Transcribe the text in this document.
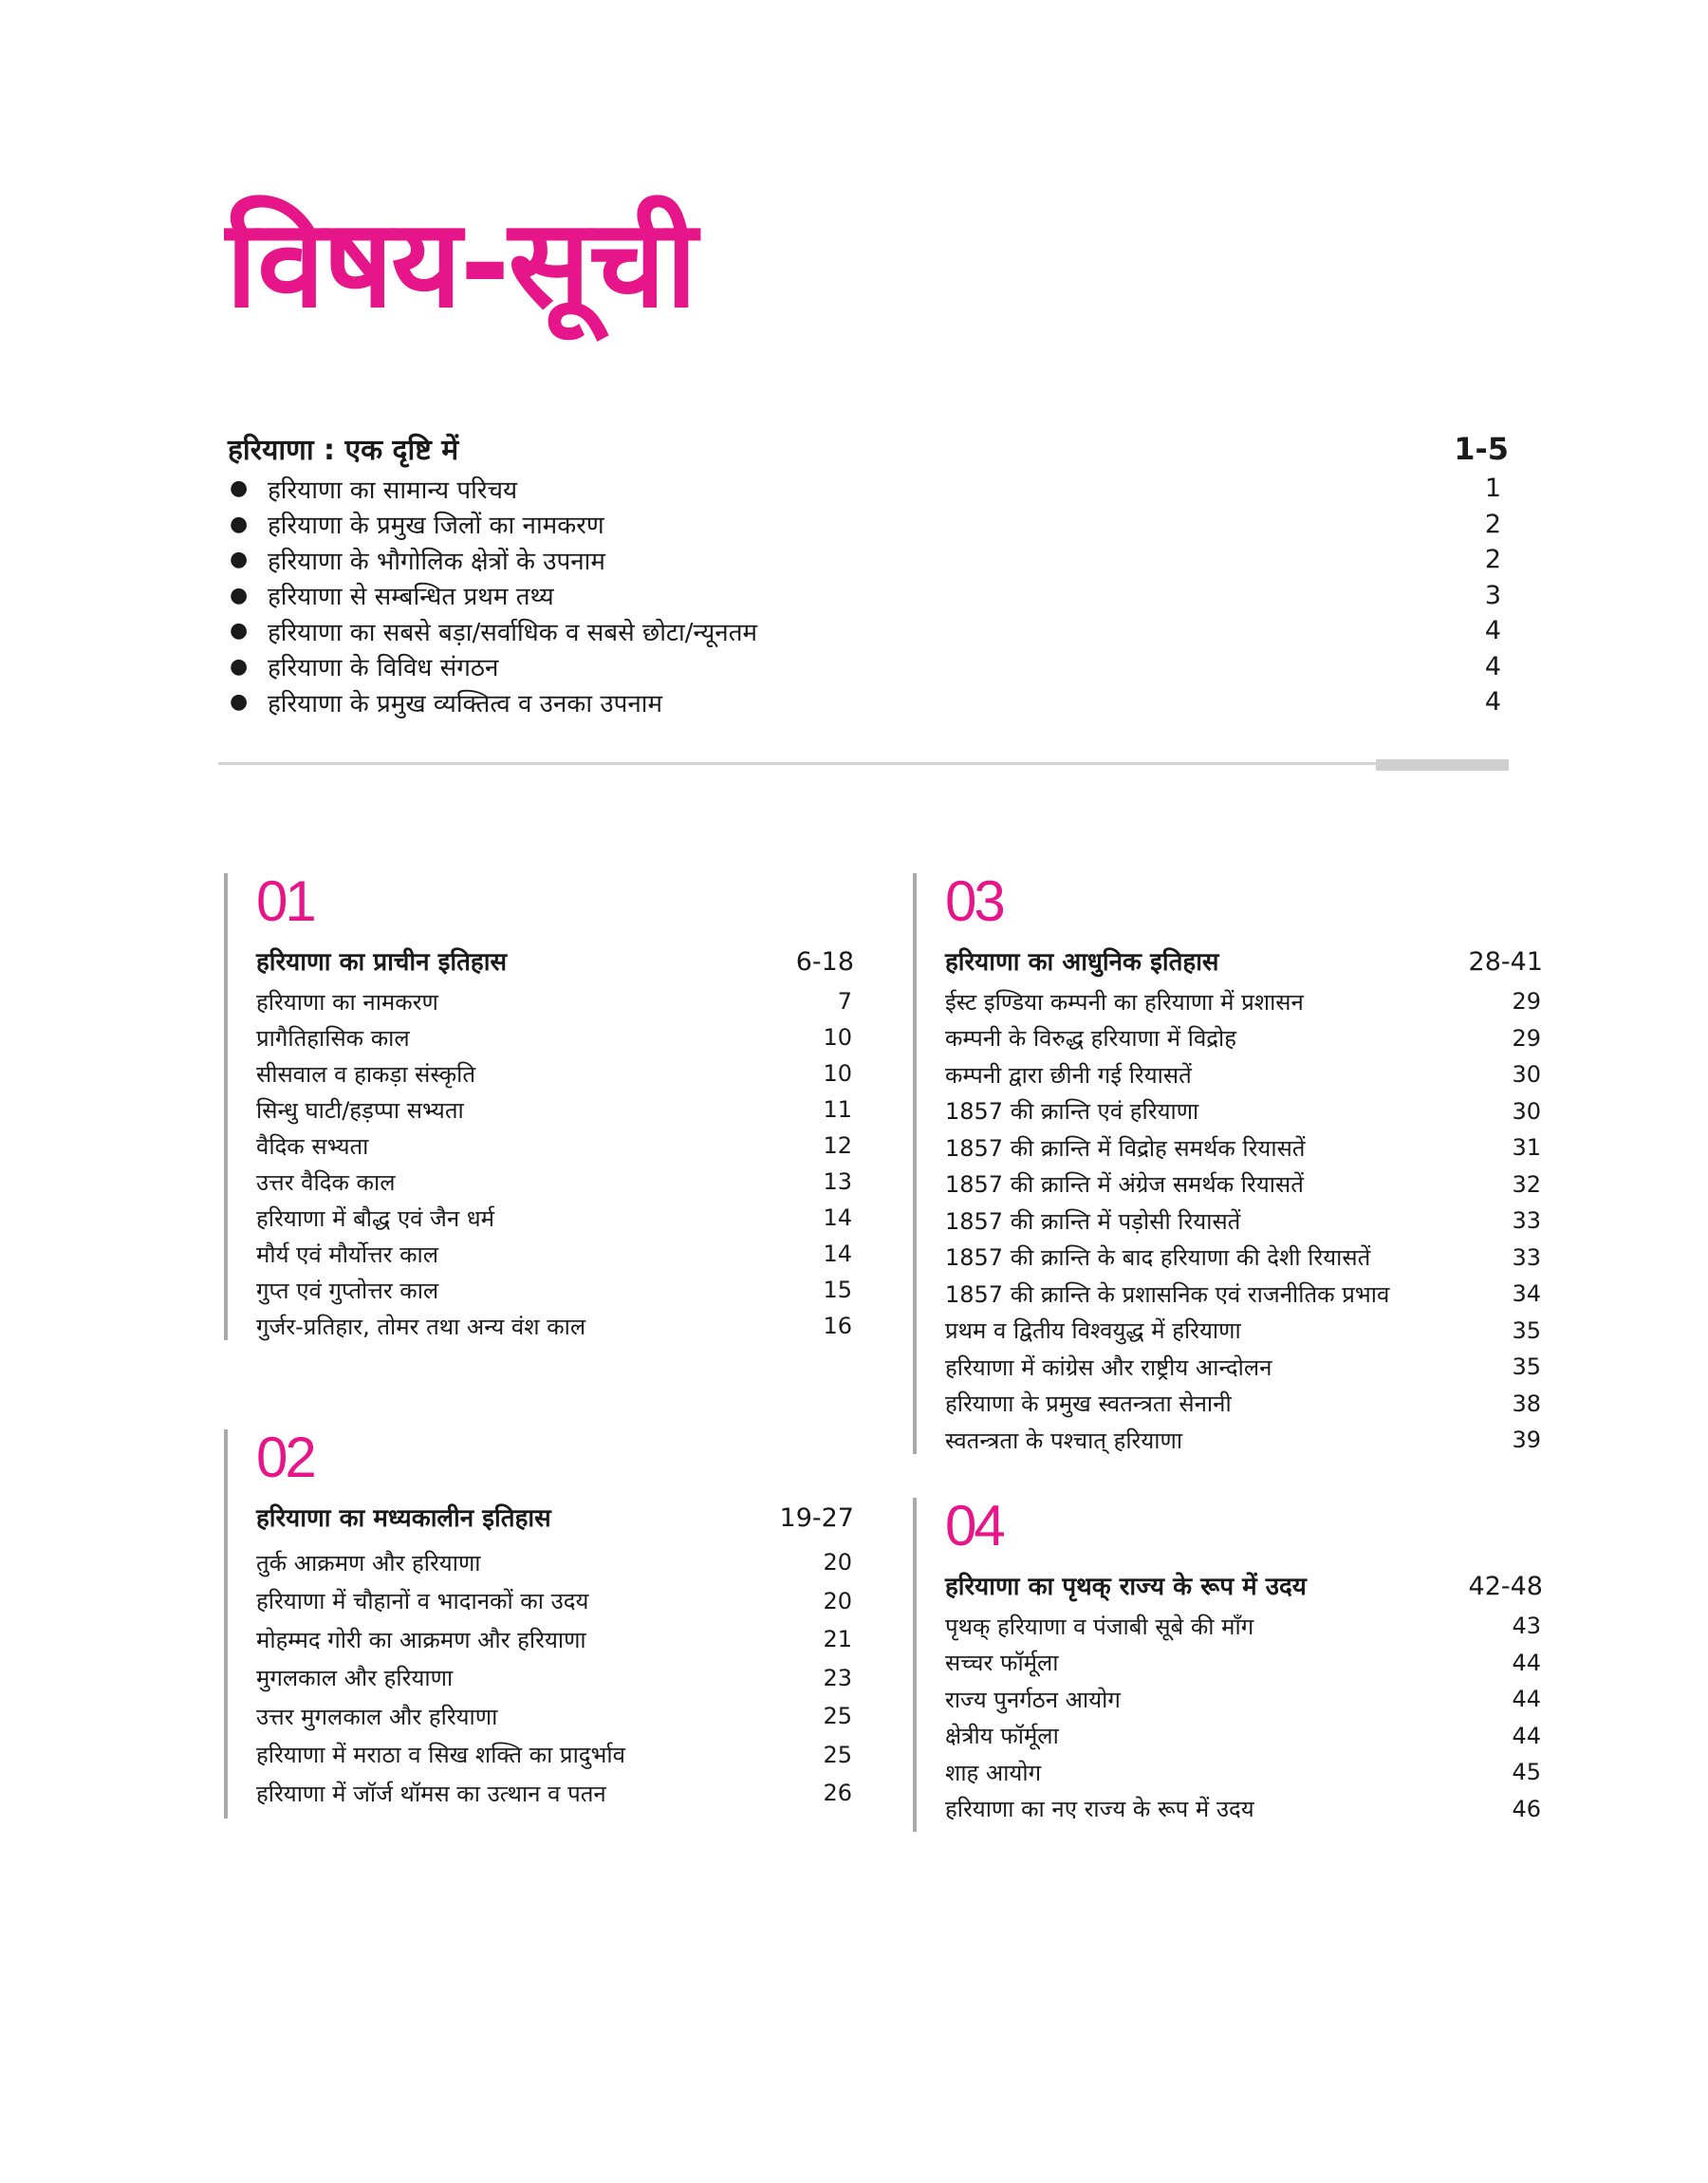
विषय-सूची
हरियाणा : एक दृष्टि में	1-5
● हरियाणा का सामान्य परिचय	1
● हरियाणा के प्रमुख जिलों का नामकरण	2
● हरियाणा के भौगोलिक क्षेत्रों के उपनाम	2
● हरियाणा से सम्बन्धित प्रथम तथ्य	3
● हरियाणा का सबसे बड़ा/सर्वाधिक व सबसे छोटा/न्यूनतम	4
● हरियाणा के विविध संगठन	4
● हरियाणा के प्रमुख व्यक्तित्व व उनका उपनाम	4
01
हरियाणा का प्राचीन इतिहास	6-18
हरियाणा का नामकरण	7
प्रागैतिहासिक काल	10
सीसवाल व हाकड़ा संस्कृति	10
सिन्धु घाटी/हड़प्पा सभ्यता	11
वैदिक सभ्यता	12
उत्तर वैदिक काल	13
हरियाणा में बौद्ध एवं जैन धर्म	14
मौर्य एवं मौर्योत्तर काल	14
गुप्त एवं गुप्तोत्तर काल	15
गुर्जर-प्रतिहार, तोमर तथा अन्य वंश काल	16
02
हरियाणा का मध्यकालीन इतिहास	19-27
तुर्क आक्रमण और हरियाणा	20
हरियाणा में चौहानों व भादानकों का उदय	20
मोहम्मद गोरी का आक्रमण और हरियाणा	21
मुगलकाल और हरियाणा	23
उत्तर मुगलकाल और हरियाणा	25
हरियाणा में मराठा व सिख शक्ति का प्रादुर्भाव	25
हरियाणा में जॉर्ज थॉमस का उत्थान व पतन	26
03
हरियाणा का आधुनिक इतिहास	28-41
ईस्ट इण्डिया कम्पनी का हरियाणा में प्रशासन	29
कम्पनी के विरुद्ध हरियाणा में विद्रोह	29
कम्पनी द्वारा छीनी गई रियासतें	30
1857 की क्रान्ति एवं हरियाणा	30
1857 की क्रान्ति में विद्रोह समर्थक रियासतें	31
1857 की क्रान्ति में अंग्रेज समर्थक रियासतें	32
1857 की क्रान्ति में पड़ोसी रियासतें	33
1857 की क्रान्ति के बाद हरियाणा की देशी रियासतें	33
1857 की क्रान्ति के प्रशासनिक एवं राजनीतिक प्रभाव	34
प्रथम व द्वितीय विश्वयुद्ध में हरियाणा	35
हरियाणा में कांग्रेस और राष्ट्रीय आन्दोलन	35
हरियाणा के प्रमुख स्वतन्त्रता सेनानी	38
स्वतन्त्रता के पश्चात् हरियाणा	39
04
हरियाणा का पृथक् राज्य के रूप में उदय	42-48
पृथक् हरियाणा व पंजाबी सूबे की माँग	43
सच्चर फॉर्मूला	44
राज्य पुनर्गठन आयोग	44
क्षेत्रीय फॉर्मूला	44
शाह आयोग	45
हरियाणा का नए राज्य के रूप में उदय	46
